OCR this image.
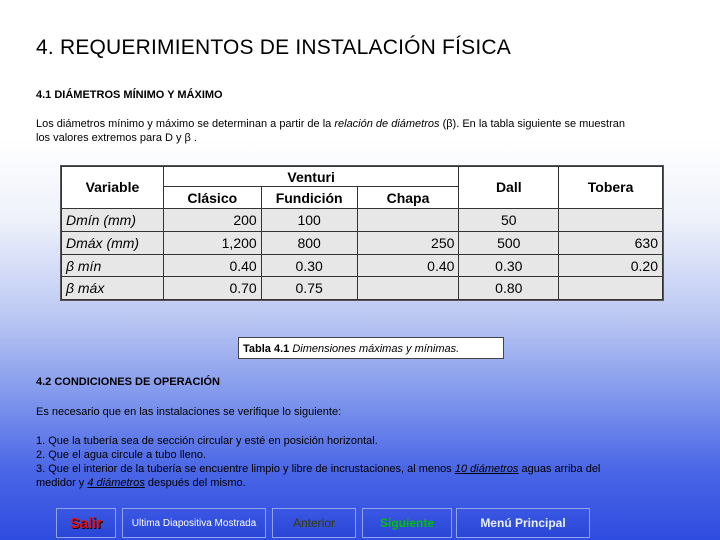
4. REQUERIMIENTOS DE INSTALACIÓN FÍSICA
4.1 DIÁMETROS MÍNIMO Y MÁXIMO
Los diámetros mínimo y máximo se determinan a partir de la relación de diámetros (β). En la tabla siguiente se muestran
los valores extremos para D y β .
Variable	Venturi			Dall	Tobera
	Clásico	Fundición	Chapa		
Dmín (mm)	200	100		50	
Dmáx (mm)	1,200	800	250	500	630
β mín	0.40	0.30	0.40	0.30	0.20
β máx	0.70	0.75		0.80	
Tabla 4.1 Dimensiones máximas y mínimas.
4.2 CONDICIONES DE OPERACIÓN
Es necesario que en las instalaciones se verifique lo siguiente:
1. Que la tubería sea de sección circular y esté en posición horizontal.
2. Que el agua circule a tubo lleno.
3. Que el interior de la tubería se encuentre limpio y libre de incrustaciones, al menos 10 diámetros aguas arriba del
medidor y 4 diámetros después del mismo.
Salir	Ultima Diapositiva Mostrada	Anterior	Siguiente	Menú Principal
